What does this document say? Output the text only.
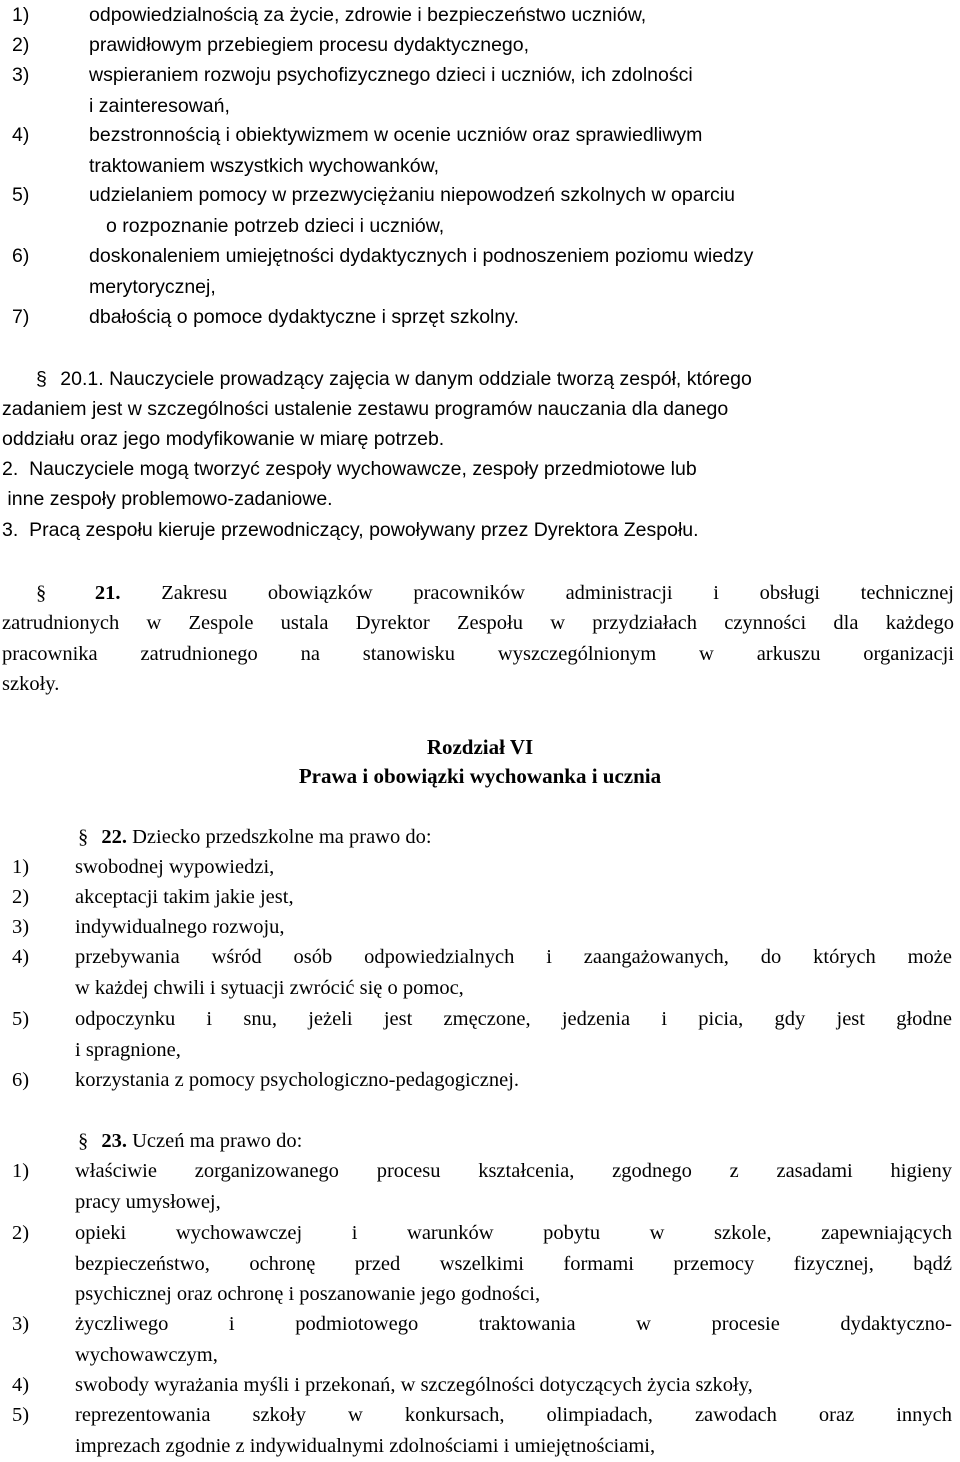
1)	odpowiedzialnością za życie, zdrowie i bezpieczeństwo uczniów,
2)	prawidłowym przebiegiem procesu dydaktycznego,
3)	wspieraniem rozwoju psychofizycznego dzieci i uczniów, ich zdolności
i zainteresowań,
4)	bezstronnością i obiektywizmem w ocenie uczniów oraz sprawiedliwym
traktowaniem wszystkich wychowanków,
5)	udzielaniem pomocy w przezwyciężaniu niepowodzeń szkolnych w oparciu
o rozpoznanie potrzeb dzieci i uczniów,
6)	doskonaleniem umiejętności dydaktycznych i podnoszeniem poziomu wiedzy
merytorycznej,
7)	dbałością o pomoce dydaktyczne i sprzęt szkolny.
§ 20.1. Nauczyciele prowadzący zajęcia w danym oddziale tworzą zespół, którego
zadaniem jest w szczególności ustalenie zestawu programów nauczania dla danego
oddziału oraz jego modyfikowanie w miarę potrzeb.
2.  Nauczyciele mogą tworzyć zespoły wychowawcze, zespoły przedmiotowe lub
inne zespoły problemowo-zadaniowe.
3.  Pracą zespołu kieruje przewodniczący, powoływany przez Dyrektora Zespołu.
§ 21. Zakresu obowiązków pracowników administracji i obsługi technicznej
zatrudnionych w Zespole ustala Dyrektor Zespołu w przydziałach czynności dla każdego
pracownika zatrudnionego na stanowisku wyszczególnionym w arkuszu organizacji
szkoły.
Rozdział VI
Prawa i obowiązki wychowanka i ucznia
§ 22. Dziecko przedszkolne ma prawo do:
1)	swobodnej wypowiedzi,
2)	akceptacji takim jakie jest,
3)	indywidualnego rozwoju,
4)	przebywania wśród osób odpowiedzialnych i zaangażowanych, do których może
w każdej chwili i sytuacji zwrócić się o pomoc,
5)	odpoczynku i snu, jeżeli jest zmęczone, jedzenia i picia, gdy jest głodne
i spragnione,
6)	korzystania z pomocy psychologiczno-pedagogicznej.
§ 23. Uczeń ma prawo do:
1)	właściwie zorganizowanego procesu kształcenia, zgodnego z zasadami higieny
pracy umysłowej,
2)	opieki wychowawczej i warunków pobytu w szkole, zapewniających
bezpieczeństwo, ochronę przed wszelkimi formami przemocy fizycznej, bądź
psychicznej oraz ochronę i poszanowanie jego godności,
3)	życzliwego i podmiotowego traktowania w procesie dydaktyczno-
wychowawczym,
4)	swobody wyrażania myśli i przekonań, w szczególności dotyczących życia szkoły,
5)	reprezentowania szkoły w konkursach, olimpiadach, zawodach oraz innych
imprezach zgodnie z indywidualnymi zdolnościami i umiejętnościami,
